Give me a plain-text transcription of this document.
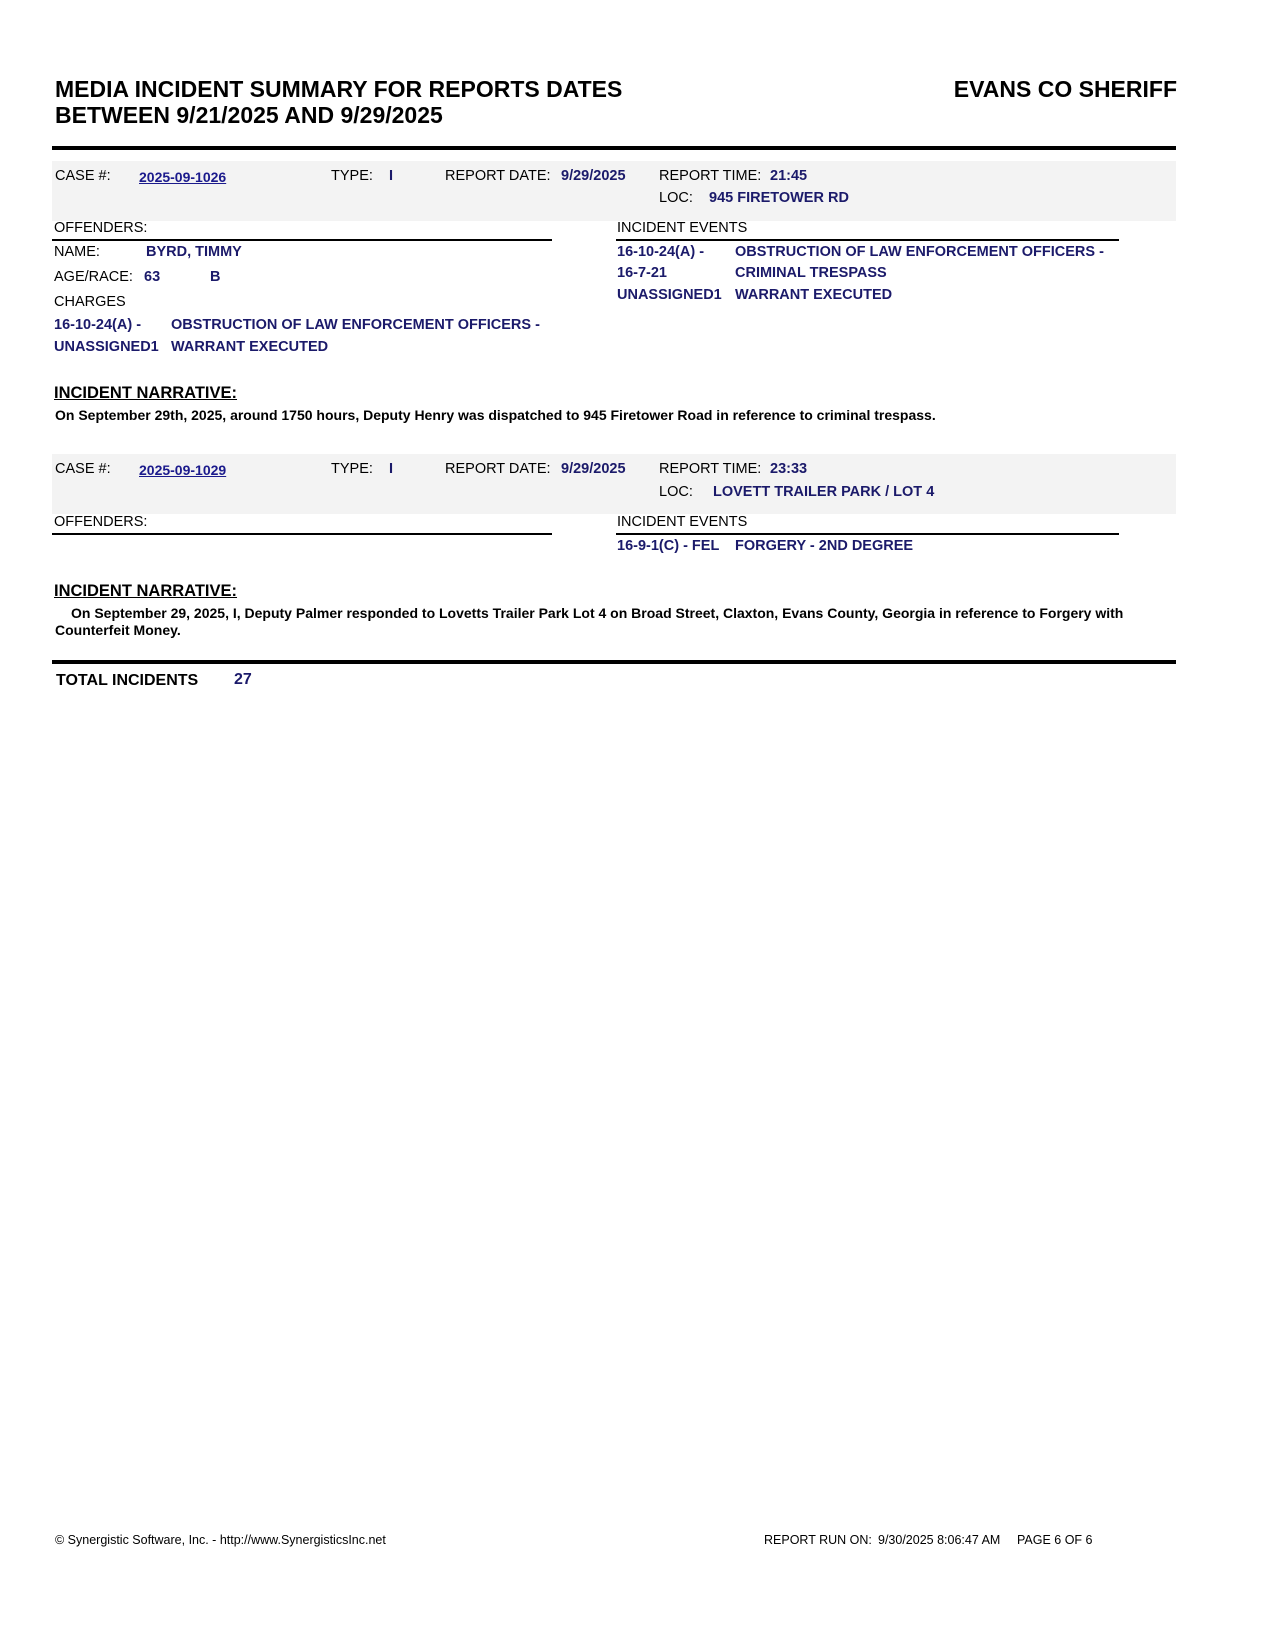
MEDIA INCIDENT SUMMARY FOR REPORTS DATES
BETWEEN 9/21/2025 AND 9/29/2025
EVANS CO SHERIFF
CASE #: 2025-09-1026	TYPE: I	REPORT DATE: 9/29/2025 REPORT TIME: 21:45
LOC: 945 FIRETOWER RD
OFFENDERS:
NAME:	BYRD, TIMMY
AGE/RACE: 63	B
CHARGES
16-10-24(A) - OBSTRUCTION OF LAW ENFORCEMENT OFFICERS -
UNASSIGNED1 WARRANT EXECUTED
INCIDENT EVENTS
16-10-24(A) - OBSTRUCTION OF LAW ENFORCEMENT OFFICERS -
16-7-21	CRIMINAL TRESPASS
UNASSIGNED1 WARRANT EXECUTED
INCIDENT NARRATIVE:
On September 29th, 2025, around 1750 hours, Deputy Henry was dispatched to 945 Firetower Road in reference to criminal trespass.
CASE #: 2025-09-1029	TYPE: I	REPORT DATE: 9/29/2025 REPORT TIME: 23:33
LOC: LOVETT TRAILER PARK / LOT 4
OFFENDERS:	INCIDENT EVENTS
16-9-1(C) - FEL FORGERY - 2ND DEGREE
INCIDENT NARRATIVE:
On September 29, 2025, I, Deputy Palmer responded to Lovetts Trailer Park Lot 4 on Broad Street, Claxton, Evans County, Georgia in reference to Forgery with Counterfeit Money.
TOTAL INCIDENTS 27
© Synergistic Software, Inc. - http://www.SynergisticsInc.net	REPORT RUN ON: 9/30/2025 8:06:47 AM PAGE 6 OF 6
